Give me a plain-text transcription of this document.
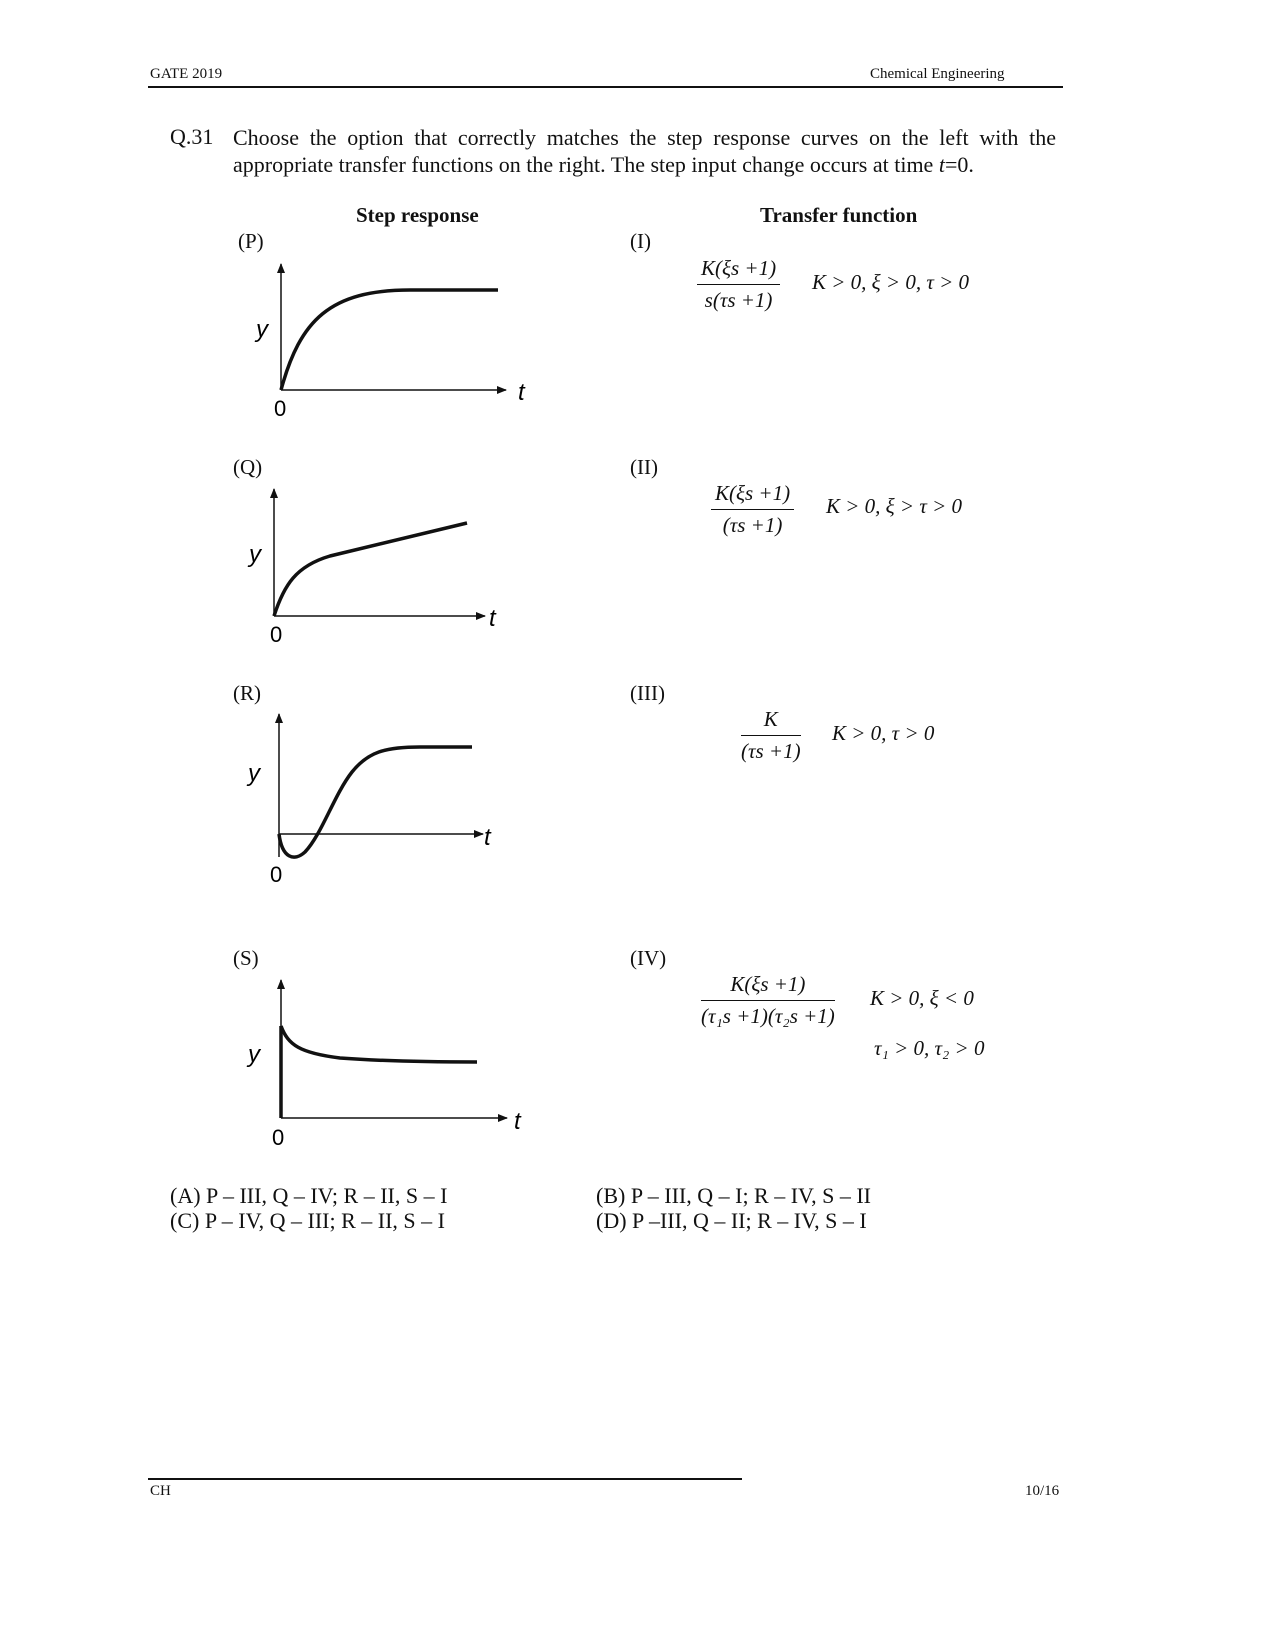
GATE 2019	Chemical Engineering
Q.31 Choose the option that correctly matches the step response curves on the left with the
appropriate transfer functions on the right. The step input change occurs at time t=0.
Step response	Transfer function
(P)
(Q)
(R)
(S)
y
t
0
y
t
0
y
t
0
y
t
0
(I)
$\frac{K(\xi s +1)}{s(\tau s +1)}$ K > 0, ξ > 0, τ > 0
(II)
$\frac{K(\xi s +1)}{(\tau s +1)}$ K > 0, ξ > τ > 0
(III)
$\frac{K}{(\tau s +1)}$ K > 0, τ > 0
(IV)
$\frac{K(\xi s +1)}{\text{(τ₁s +1)(τ₂s +1)}}$ K > 0, ξ < 0
τ₁ > 0, τ₂ > 0
(A) P – III, Q – IV; R – II, S – I
(C) P – IV, Q – III; R – II, S – I
(B) P – III, Q – I; R – IV, S – II
(D) P –III, Q – II; R – IV, S – I
CH	10/16
